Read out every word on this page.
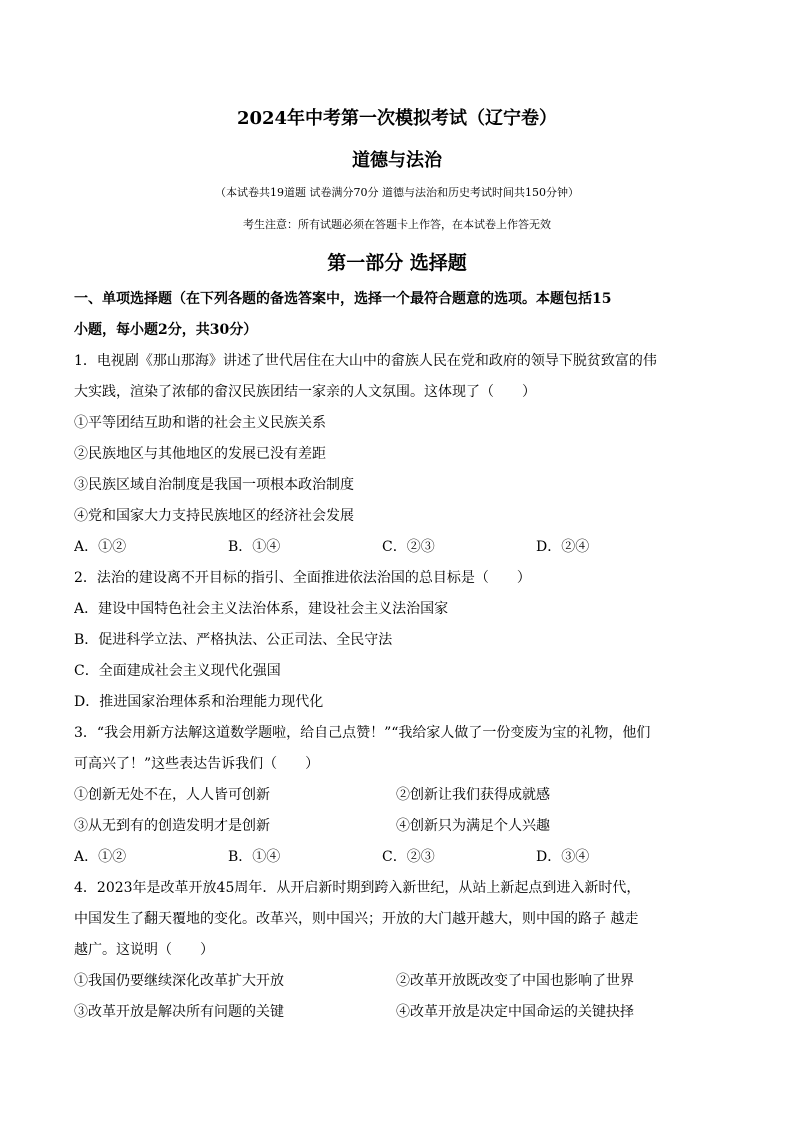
2024年中考第一次模拟考试（辽宁卷）
道德与法治
（本试卷共19道题 试卷满分70分 道德与法治和历史考试时间共150分钟）
考生注意：所有试题必须在答题卡上作答，在本试卷上作答无效
第一部分 选择题
一、单项选择题（在下列各题的备选答案中，选择一个最符合题意的选项。本题包括15
小题，每小题2分，共30分）
1．电视剧《那山那海》讲述了世代居住在大山中的畲族人民在党和政府的领导下脱贫致富的伟
大实践，渲染了浓郁的畲汉民族团结一家亲的人文氛围。这体现了（　　）
①平等团结互助和谐的社会主义民族关系
②民族地区与其他地区的发展已没有差距
③民族区域自治制度是我国一项根本政治制度
④党和国家大力支持民族地区的经济社会发展
A．①②	B．①④	C．②③	D．②④
2．法治的建设离不开目标的指引、全面推进依法治国的总目标是（　　）
A．建设中国特色社会主义法治体系，建设社会主义法治国家
B．促进科学立法、严格执法、公正司法、全民守法
C．全面建成社会主义现代化强国
D．推进国家治理体系和治理能力现代化
3．“我会用新方法解这道数学题啦，给自己点赞！”“我给家人做了一份变废为宝的礼物，他们
可高兴了！”这些表达告诉我们（　　）
①创新无处不在，人人皆可创新	②创新让我们获得成就感
③从无到有的创造发明才是创新	④创新只为满足个人兴趣
A．①②	B．①④	C．②③	D．③④
4．2023年是改革开放45周年．从开启新时期到跨入新世纪，从站上新起点到进入新时代，
中国发生了翻天覆地的变化。改革兴，则中国兴；开放的大门越开越大，则中国的路子 越走
越广。这说明（　　）
①我国仍要继续深化改革扩大开放	②改革开放既改变了中国也影响了世界
③改革开放是解决所有问题的关键	④改革开放是决定中国命运的关键抉择
